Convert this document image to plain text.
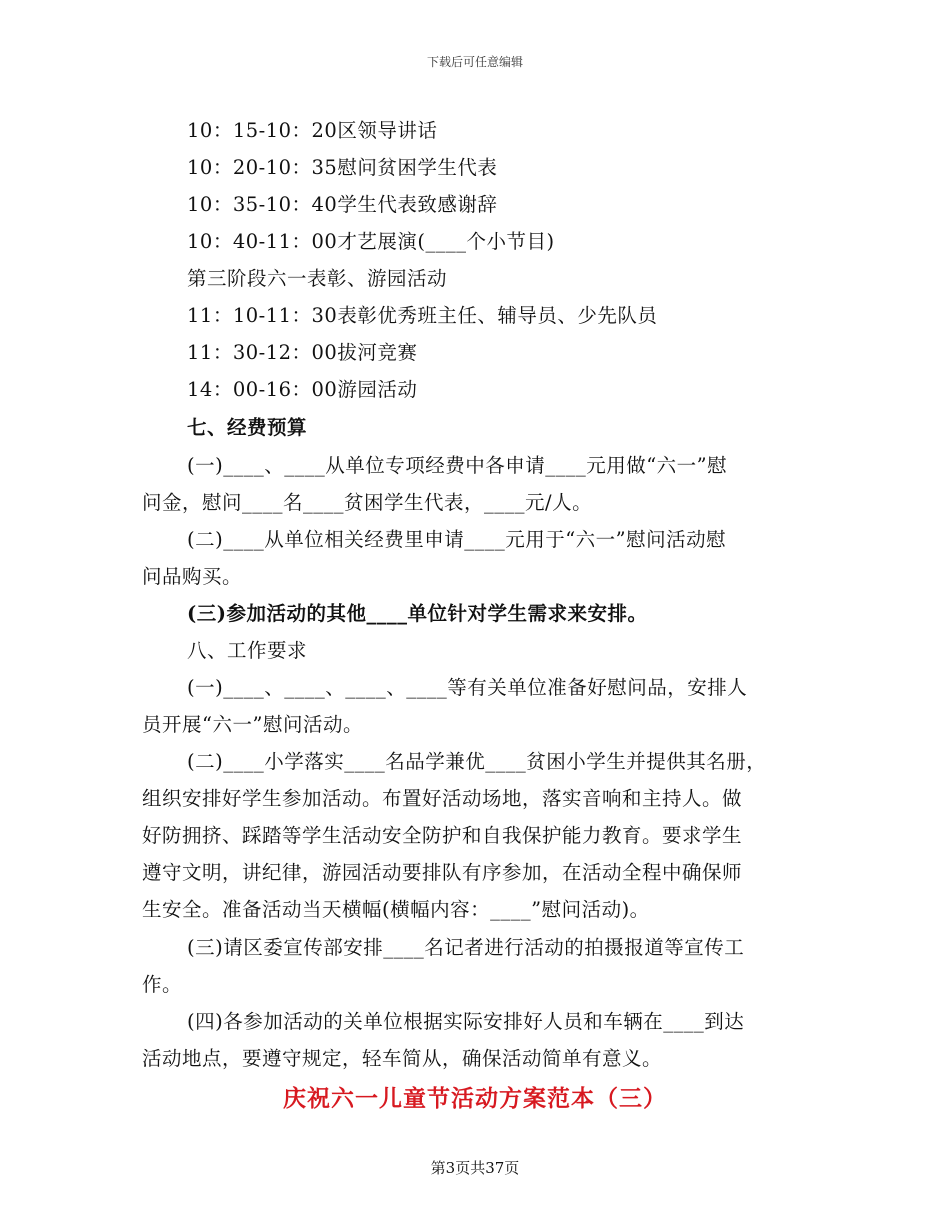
下载后可任意编辑
10：15-10：20区领导讲话
10：20-10：35慰问贫困学生代表
10：35-10：40学生代表致感谢辞
10：40-11：00才艺展演(____个小节目)
第三阶段六一表彰、游园活动
11：10-11：30表彰优秀班主任、辅导员、少先队员
11：30-12：00拔河竞赛
14：00-16：00游园活动
七、经费预算
(一)____、____从单位专项经费中各申请____元用做“六一”慰
问金，慰问____名____贫困学生代表，____元/人。
(二)____从单位相关经费里申请____元用于“六一”慰问活动慰
问品购买。
(三)参加活动的其他____单位针对学生需求来安排。
八、工作要求
(一)____、____、____、____等有关单位准备好慰问品，安排人
员开展“六一”慰问活动。
(二)____小学落实____名品学兼优____贫困小学生并提供其名册，
组织安排好学生参加活动。布置好活动场地，落实音响和主持人。做
好防拥挤、踩踏等学生活动安全防护和自我保护能力教育。要求学生
遵守文明，讲纪律，游园活动要排队有序参加，在活动全程中确保师
生安全。准备活动当天横幅(横幅内容：____”慰问活动)。
(三)请区委宣传部安排____名记者进行活动的拍摄报道等宣传工
作。
(四)各参加活动的关单位根据实际安排好人员和车辆在____到达
活动地点，要遵守规定，轻车简从，确保活动简单有意义。
庆祝六一儿童节活动方案范本（三）
第3页共37页
